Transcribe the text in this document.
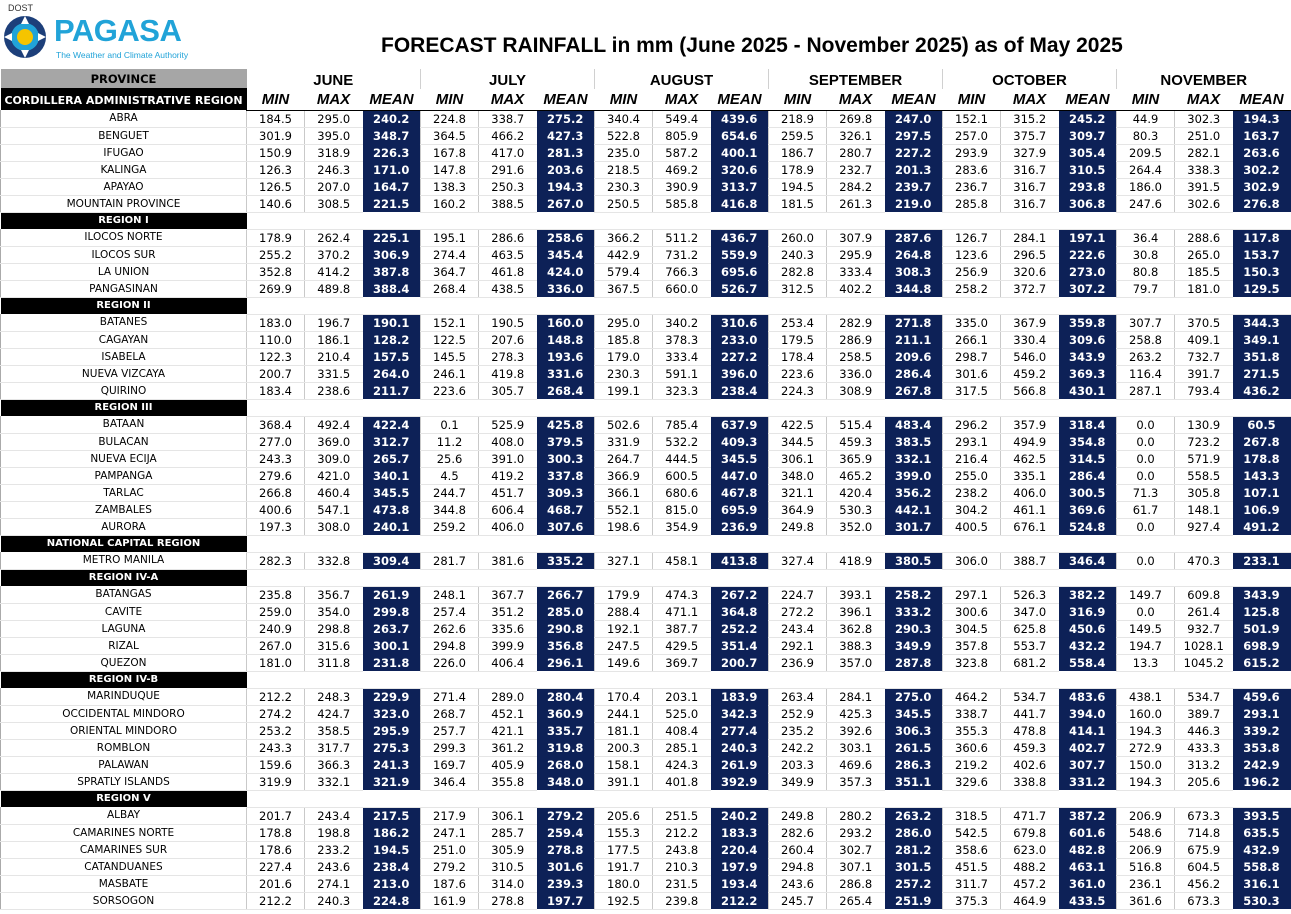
DOST
PAGASA
The Weather and Climate Authority	FORECAST RAINFALL in mm (June 2025 - November 2025) as of May 2025
PROVINCE	JUNE			JULY			AUGUST			SEPTEMBER			OCTOBER			NOVEMBER		
CORDILLERA ADMINISTRATIVE REGION	MIN	MAX	MEAN	MIN	MAX	MEAN	MIN	MAX	MEAN	MIN	MAX	MEAN	MIN	MAX	MEAN	MIN	MAX	MEAN
ABRA	184.5	295.0	240.2	224.8	338.7	275.2	340.4	549.4	439.6	218.9	269.8	247.0	152.1	315.2	245.2	44.9	302.3	194.3
BENGUET	301.9	395.0	348.7	364.5	466.2	427.3	522.8	805.9	654.6	259.5	326.1	297.5	257.0	375.7	309.7	80.3	251.0	163.7
IFUGAO	150.9	318.9	226.3	167.8	417.0	281.3	235.0	587.2	400.1	186.7	280.7	227.2	293.9	327.9	305.4	209.5	282.1	263.6
KALINGA	126.3	246.3	171.0	147.8	291.6	203.6	218.5	469.2	320.6	178.9	232.7	201.3	283.6	316.7	310.5	264.4	338.3	302.2
APAYAO	126.5	207.0	164.7	138.3	250.3	194.3	230.3	390.9	313.7	194.5	284.2	239.7	236.7	316.7	293.8	186.0	391.5	302.9
MOUNTAIN PROVINCE	140.6	308.5	221.5	160.2	388.5	267.0	250.5	585.8	416.8	181.5	261.3	219.0	285.8	316.7	306.8	247.6	302.6	276.8
REGION I																		
ILOCOS NORTE	178.9	262.4	225.1	195.1	286.6	258.6	366.2	511.2	436.7	260.0	307.9	287.6	126.7	284.1	197.1	36.4	288.6	117.8
ILOCOS SUR	255.2	370.2	306.9	274.4	463.5	345.4	442.9	731.2	559.9	240.3	295.9	264.8	123.6	296.5	222.6	30.8	265.0	153.7
LA UNION	352.8	414.2	387.8	364.7	461.8	424.0	579.4	766.3	695.6	282.8	333.4	308.3	256.9	320.6	273.0	80.8	185.5	150.3
PANGASINAN	269.9	489.8	388.4	268.4	438.5	336.0	367.5	660.0	526.7	312.5	402.2	344.8	258.2	372.7	307.2	79.7	181.0	129.5
REGION II																		
BATANES	183.0	196.7	190.1	152.1	190.5	160.0	295.0	340.2	310.6	253.4	282.9	271.8	335.0	367.9	359.8	307.7	370.5	344.3
CAGAYAN	110.0	186.1	128.2	122.5	207.6	148.8	185.8	378.3	233.0	179.5	286.9	211.1	266.1	330.4	309.6	258.8	409.1	349.1
ISABELA	122.3	210.4	157.5	145.5	278.3	193.6	179.0	333.4	227.2	178.4	258.5	209.6	298.7	546.0	343.9	263.2	732.7	351.8
NUEVA VIZCAYA	200.7	331.5	264.0	246.1	419.8	331.6	230.3	591.1	396.0	223.6	336.0	286.4	301.6	459.2	369.3	116.4	391.7	271.5
QUIRINO	183.4	238.6	211.7	223.6	305.7	268.4	199.1	323.3	238.4	224.3	308.9	267.8	317.5	566.8	430.1	287.1	793.4	436.2
REGION III																		
BATAAN	368.4	492.4	422.4	0.1	525.9	425.8	502.6	785.4	637.9	422.5	515.4	483.4	296.2	357.9	318.4	0.0	130.9	60.5
BULACAN	277.0	369.0	312.7	11.2	408.0	379.5	331.9	532.2	409.3	344.5	459.3	383.5	293.1	494.9	354.8	0.0	723.2	267.8
NUEVA ECIJA	243.3	309.0	265.7	25.6	391.0	300.3	264.7	444.5	345.5	306.1	365.9	332.1	216.4	462.5	314.5	0.0	571.9	178.8
PAMPANGA	279.6	421.0	340.1	4.5	419.2	337.8	366.9	600.5	447.0	348.0	465.2	399.0	255.0	335.1	286.4	0.0	558.5	143.3
TARLAC	266.8	460.4	345.5	244.7	451.7	309.3	366.1	680.6	467.8	321.1	420.4	356.2	238.2	406.0	300.5	71.3	305.8	107.1
ZAMBALES	400.6	547.1	473.8	344.8	606.4	468.7	552.1	815.0	695.9	364.9	530.3	442.1	304.2	461.1	369.6	61.7	148.1	106.9
AURORA	197.3	308.0	240.1	259.2	406.0	307.6	198.6	354.9	236.9	249.8	352.0	301.7	400.5	676.1	524.8	0.0	927.4	491.2
NATIONAL CAPITAL REGION																		
METRO MANILA	282.3	332.8	309.4	281.7	381.6	335.2	327.1	458.1	413.8	327.4	418.9	380.5	306.0	388.7	346.4	0.0	470.3	233.1
REGION IV-A																		
BATANGAS	235.8	356.7	261.9	248.1	367.7	266.7	179.9	474.3	267.2	224.7	393.1	258.2	297.1	526.3	382.2	149.7	609.8	343.9
CAVITE	259.0	354.0	299.8	257.4	351.2	285.0	288.4	471.1	364.8	272.2	396.1	333.2	300.6	347.0	316.9	0.0	261.4	125.8
LAGUNA	240.9	298.8	263.7	262.6	335.6	290.8	192.1	387.7	252.2	243.4	362.8	290.3	304.5	625.8	450.6	149.5	932.7	501.9
RIZAL	267.0	315.6	300.1	294.8	399.9	356.8	247.5	429.5	351.4	292.1	388.3	349.9	357.8	553.7	432.2	194.7	1028.1	698.9
QUEZON	181.0	311.8	231.8	226.0	406.4	296.1	149.6	369.7	200.7	236.9	357.0	287.8	323.8	681.2	558.4	13.3	1045.2	615.2
REGION IV-B																		
MARINDUQUE	212.2	248.3	229.9	271.4	289.0	280.4	170.4	203.1	183.9	263.4	284.1	275.0	464.2	534.7	483.6	438.1	534.7	459.6
OCCIDENTAL MINDORO	274.2	424.7	323.0	268.7	452.1	360.9	244.1	525.0	342.3	252.9	425.3	345.5	338.7	441.7	394.0	160.0	389.7	293.1
ORIENTAL MINDORO	253.2	358.5	295.9	257.7	421.1	335.7	181.1	408.4	277.4	235.2	392.6	306.3	355.3	478.8	414.1	194.3	446.3	339.2
ROMBLON	243.3	317.7	275.3	299.3	361.2	319.8	200.3	285.1	240.3	242.2	303.1	261.5	360.6	459.3	402.7	272.9	433.3	353.8
PALAWAN	159.6	366.3	241.3	169.7	405.9	268.0	158.1	424.3	261.9	203.3	469.6	286.3	219.2	402.6	307.7	150.0	313.2	242.9
SPRATLY ISLANDS	319.9	332.1	321.9	346.4	355.8	348.0	391.1	401.8	392.9	349.9	357.3	351.1	329.6	338.8	331.2	194.3	205.6	196.2
REGION V																		
ALBAY	201.7	243.4	217.5	217.9	306.1	279.2	205.6	251.5	240.2	249.8	280.2	263.2	318.5	471.7	387.2	206.9	673.3	393.5
CAMARINES NORTE	178.8	198.8	186.2	247.1	285.7	259.4	155.3	212.2	183.3	282.6	293.2	286.0	542.5	679.8	601.6	548.6	714.8	635.5
CAMARINES SUR	178.6	233.2	194.5	251.0	305.9	278.8	177.5	243.8	220.4	260.4	302.7	281.2	358.6	623.0	482.8	206.9	675.9	432.9
CATANDUANES	227.4	243.6	238.4	279.2	310.5	301.6	191.7	210.3	197.9	294.8	307.1	301.5	451.5	488.2	463.1	516.8	604.5	558.8
MASBATE	201.6	274.1	213.0	187.6	314.0	239.3	180.0	231.5	193.4	243.6	286.8	257.2	311.7	457.2	361.0	236.1	456.2	316.1
SORSOGON	212.2	240.3	224.8	161.9	278.8	197.7	192.5	239.8	212.2	245.7	265.4	251.9	375.3	464.9	433.5	361.6	673.3	530.3
